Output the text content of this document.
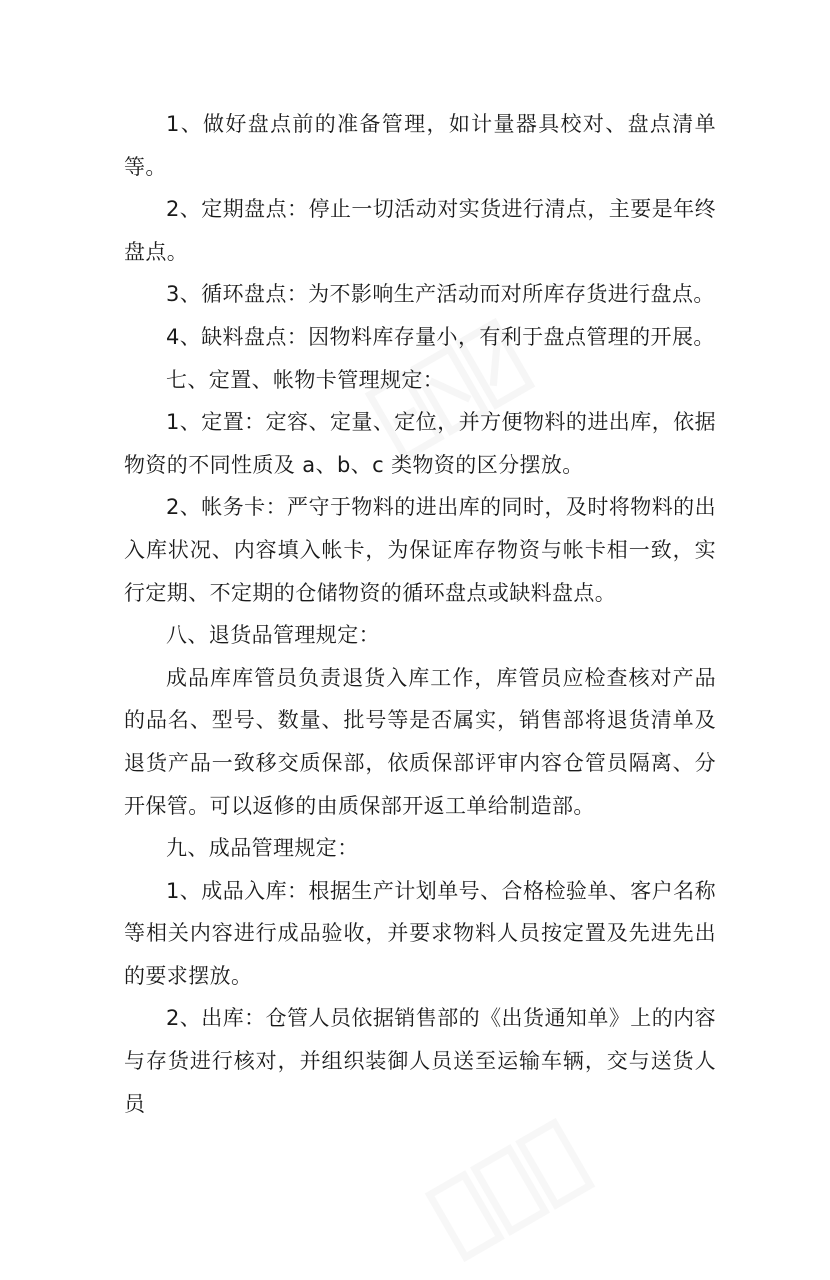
1、做好盘点前的准备管理，如计量器具校对、盘点清单等。

2、定期盘点：停止一切活动对实货进行清点，主要是年终盘点。

3、循环盘点：为不影响生产活动而对所库存货进行盘点。

4、缺料盘点：因物料库存量小，有利于盘点管理的开展。

七、定置、帐物卡管理规定：

1、定置：定容、定量、定位，并方便物料的进出库，依据物资的不同性质及 a、b、c 类物资的区分摆放。

2、帐务卡：严守于物料的进出库的同时，及时将物料的出入库状况、内容填入帐卡，为保证库存物资与帐卡相一致，实行定期、不定期的仓储物资的循环盘点或缺料盘点。

八、退货品管理规定：

成品库库管员负责退货入库工作，库管员应检查核对产品的品名、型号、数量、批号等是否属实，销售部将退货清单及退货产品一致移交质保部，依质保部评审内容仓管员隔离、分开保管。可以返修的由质保部开返工单给制造部。

九、成品管理规定：

1、成品入库：根据生产计划单号、合格检验单、客户名称等相关内容进行成品验收，并要求物料人员按定置及先进先出的要求摆放。

2、出库：仓管人员依据销售部的《出货通知单》上的内容与存货进行核对，并组织装御人员送至运输车辆，交与送货人员
